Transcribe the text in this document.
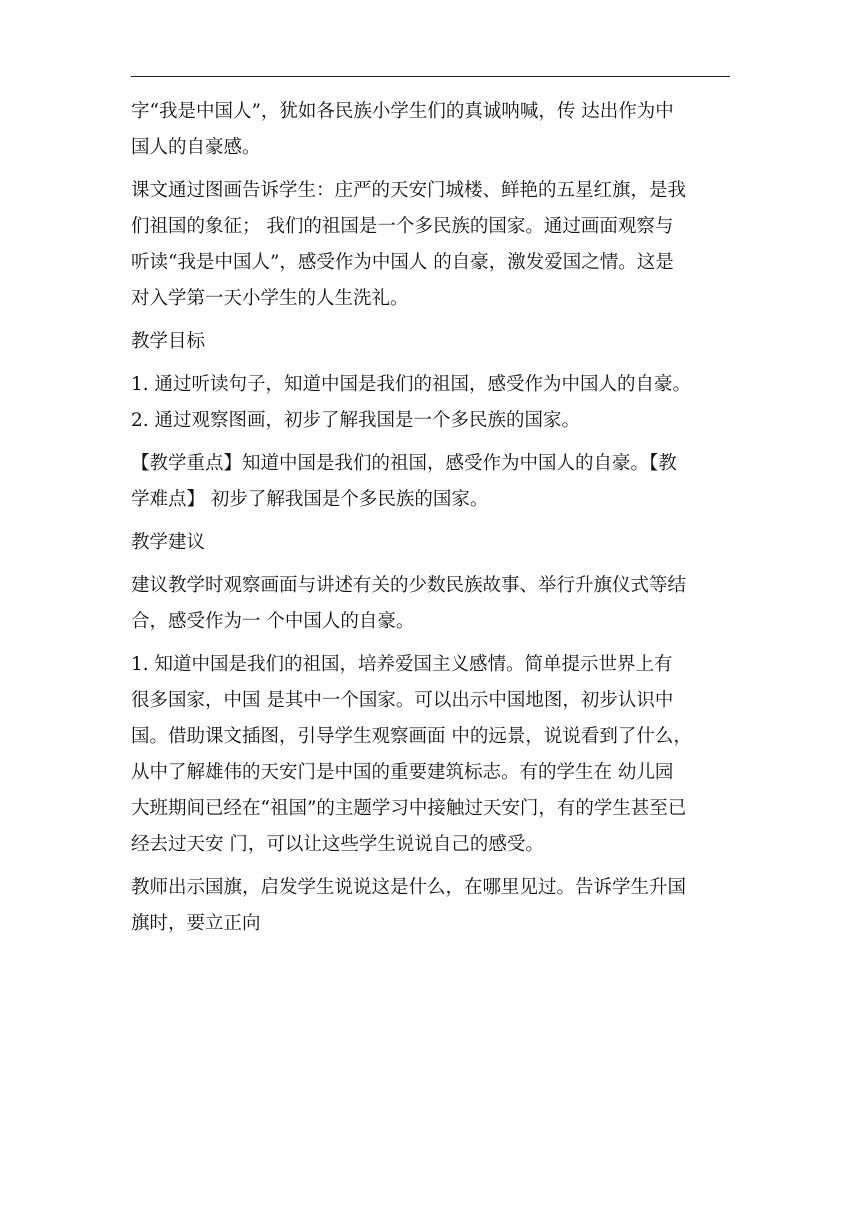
字“我是中国人”，犹如各民族小学生们的真诚呐喊，传 达出作为中
国人的自豪感。
课文通过图画告诉学生：庄严的天安门城楼、鲜艳的五星红旗，是我
们祖国的象征； 我们的祖国是一个多民族的国家。通过画面观察与
听读“我是中国人”，感受作为中国人 的自豪，激发爱国之情。这是
对入学第一天小学生的人生洗礼。
教学目标
1. 通过听读句子，知道中国是我们的祖国，感受作为中国人的自豪。
2. 通过观察图画，初步了解我国是一个多民族的国家。
【教学重点】知道中国是我们的祖国，感受作为中国人的自豪。【教
学难点】 初步了解我国是个多民族的国家。
教学建议
建议教学时观察画面与讲述有关的少数民族故事、举行升旗仪式等结
合，感受作为一 个中国人的自豪。
1. 知道中国是我们的祖国，培养爱国主义感情。简单提示世界上有
很多国家，中国 是其中一个国家。可以出示中国地图，初步认识中
国。借助课文插图，引导学生观察画面 中的远景，说说看到了什么，
从中了解雄伟的天安门是中国的重要建筑标志。有的学生在 幼儿园
大班期间已经在“祖国”的主题学习中接触过天安门，有的学生甚至已
经去过天安 门，可以让这些学生说说自己的感受。
教师出示国旗，启发学生说说这是什么，在哪里见过。告诉学生升国
旗时，要立正向
